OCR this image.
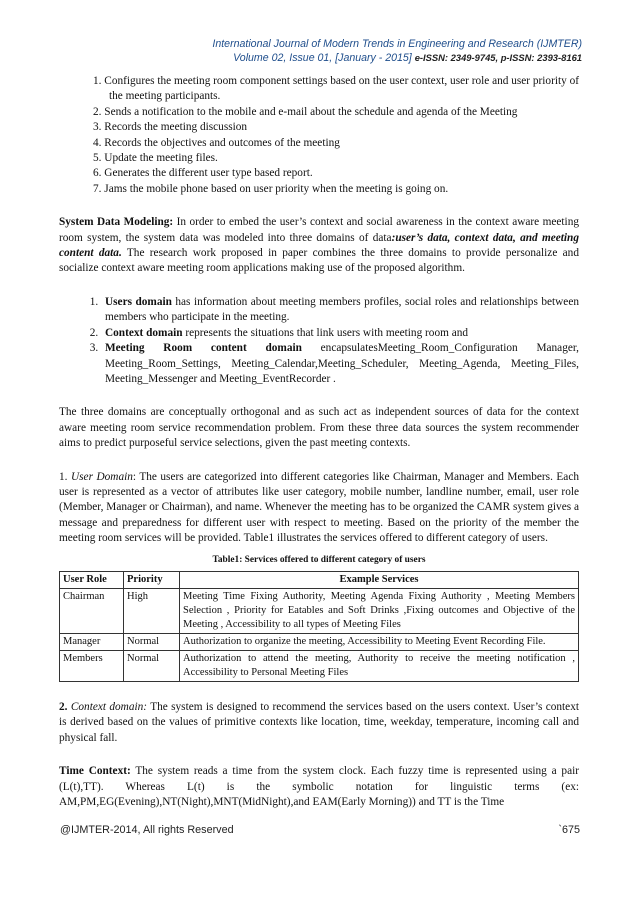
International Journal of Modern Trends in Engineering and Research (IJMTER)
Volume 02, Issue 01, [January - 2015] e-ISSN: 2349-9745, p-ISSN: 2393-8161
1. Configures the meeting room component settings based on the user context, user role and user priority of the meeting participants.
2. Sends a notification to the mobile and e-mail about the schedule and agenda of the Meeting
3. Records the meeting discussion
4. Records the objectives and outcomes of the meeting
5. Update the meeting files.
6. Generates the different user type based report.
7. Jams the mobile phone based on user priority when the meeting is going on.

System Data Modeling: In order to embed the user’s context and social awareness in the context aware meeting room system, the system data was modeled into three domains of data:user’s data, context data, and meeting content data. The research work proposed in paper combines the three domains to provide personalize and socialize context aware meeting room applications making use of the proposed algorithm.

1. Users domain has information about meeting members profiles, social roles and relationships between members who participate in the meeting.
2. Context domain represents the situations that link users with meeting room and
3. Meeting Room content domain encapsulatesMeeting_Room_Configuration Manager, Meeting_Room_Settings, Meeting_Calendar,Meeting_Scheduler, Meeting_Agenda, Meeting_Files, Meeting_Messenger and Meeting_EventRecorder .

The three domains are conceptually orthogonal and as such act as independent sources of data for the context aware meeting room service recommendation problem. From these three data sources the system recommender aims to predict purposeful service selections, given the past meeting contexts.

1. User Domain: The users are categorized into different categories like Chairman, Manager and Members. Each user is represented as a vector of attributes like user category, mobile number, landline number, email, user role (Member, Manager or Chairman), and name. Whenever the meeting has to be organized the CAMR system gives a message and preparedness for different user with respect to meeting. Based on the priority of the member the meeting room services will be provided. Table1 illustrates the services offered to different category of users.

Table1: Services offered to different category of users
User Role	Priority	Example Services
Chairman	High	Meeting Time Fixing Authority, Meeting Agenda Fixing Authority , Meeting Members Selection , Priority for Eatables and Soft Drinks ,Fixing outcomes and Objective of the Meeting , Accessibility to all types of Meeting Files
Manager	Normal	Authorization to organize the meeting, Accessibility to Meeting Event Recording File.
Members	Normal	Authorization to attend the meeting, Authority to receive the meeting notification , Accessibility to Personal Meeting Files

2. Context domain: The system is designed to recommend the services based on the users context. User’s context is derived based on the values of primitive contexts like location, time, weekday, temperature, incoming call and physical fall.

Time Context: The system reads a time from the system clock. Each fuzzy time is represented using a pair (L(t),TT). Whereas L(t) is the symbolic notation for linguistic terms (ex: AM,PM,EG(Evening),NT(Night),MNT(MidNight),and EAM(Early Morning)) and TT is the Time

@IJMTER-2014, All rights Reserved	`675
